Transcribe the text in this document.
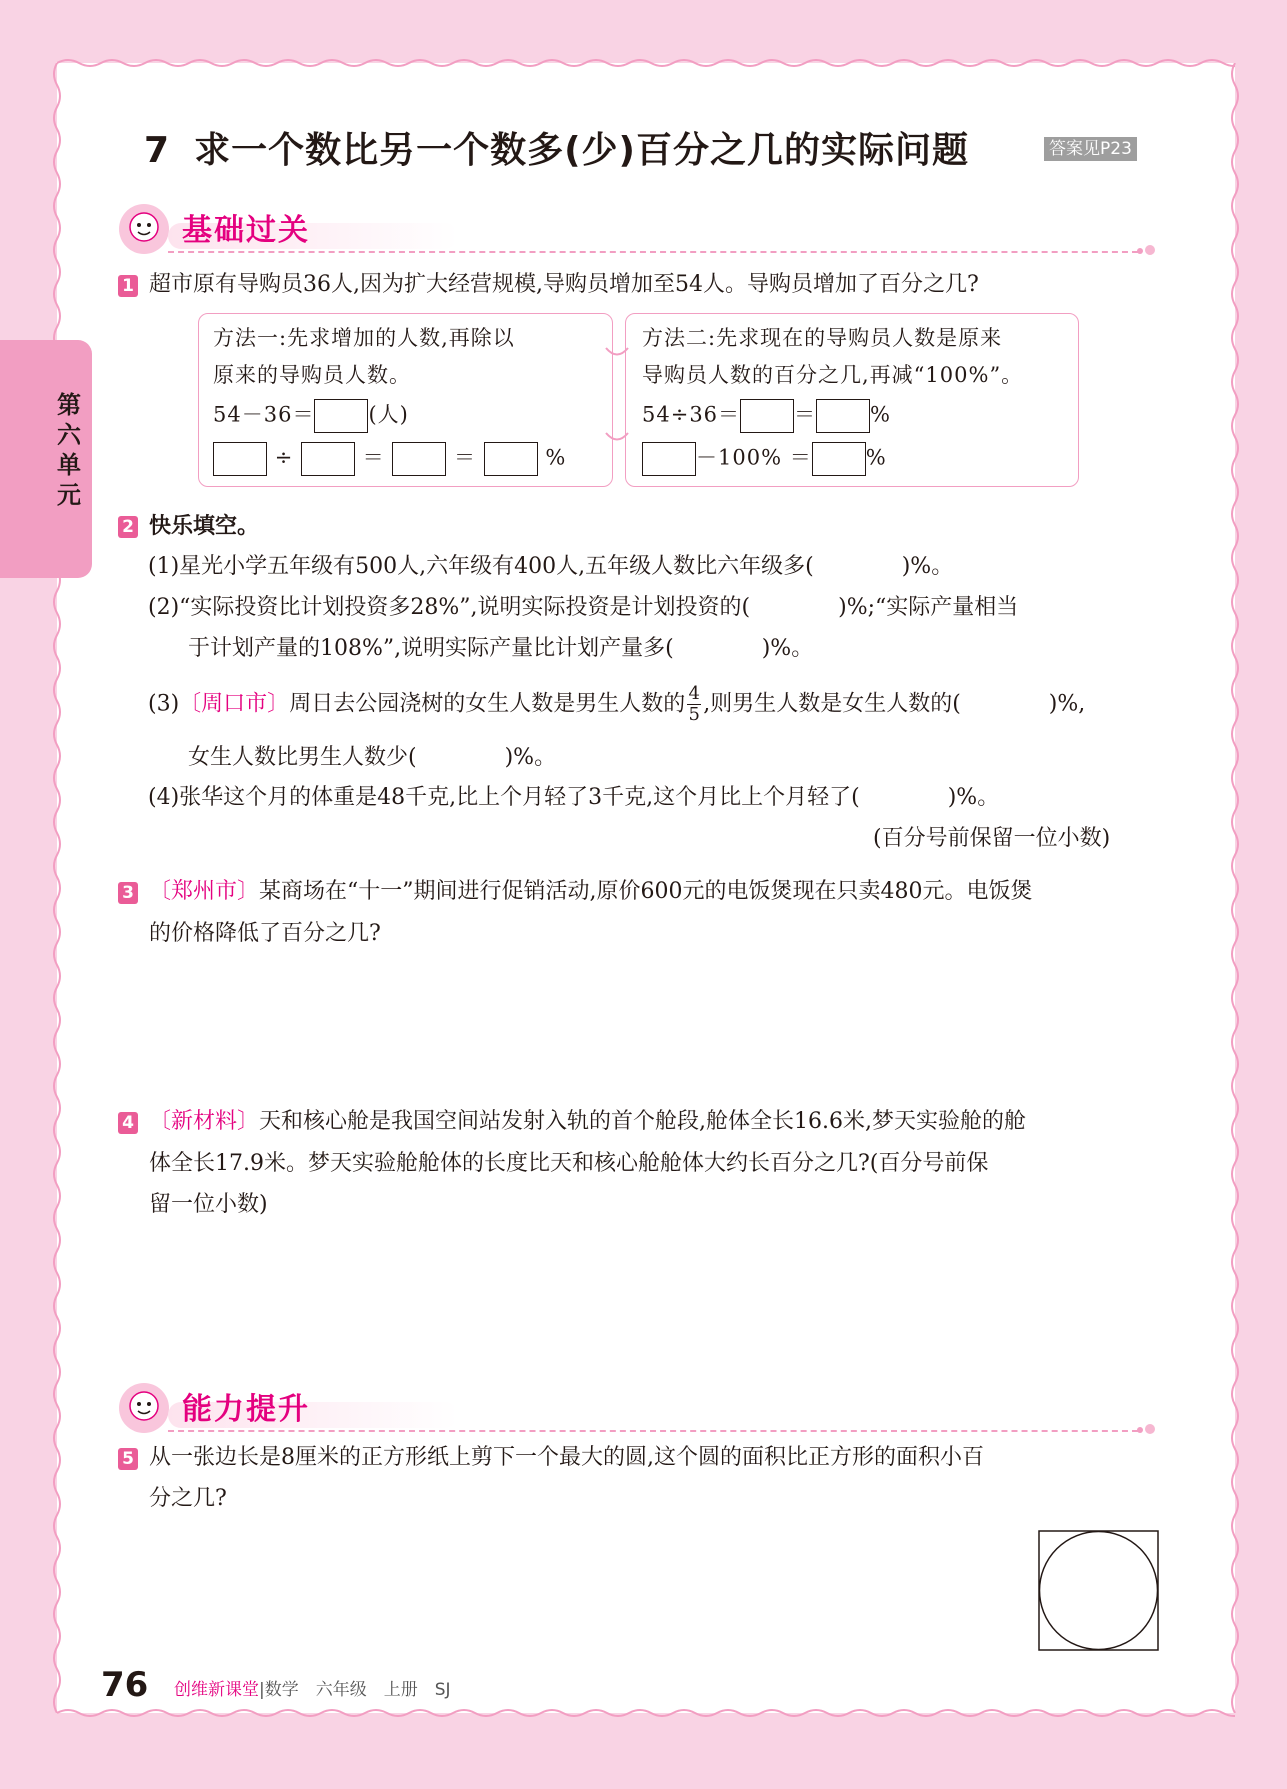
第六单元
7 求一个数比另一个数多(少)百分之几的实际问题	答案见P23
基础过关
1 超市原有导购员36人,因为扩大经营规模,导购员增加至54人。导购员增加了百分之几?
方法一:先求增加的人数,再除以
原来的导购员人数。
54－36＝	(人)
÷	＝	＝	%
方法二:先求现在的导购员人数是原来
导购员人数的百分之几,再减“100%”。
54÷36＝	＝	%
－100% ＝	%
2 快乐填空。
(1)星光小学五年级有500人,六年级有400人,五年级人数比六年级多(　　　　)%。
(2)“实际投资比计划投资多28%”,说明实际投资是计划投资的(　　　　)%;“实际产量相当
于计划产量的108%”,说明实际产量比计划产量多(　　　　)%。
(3)〔周口市〕周日去公园浇树的女生人数是男生人数的 $\frac{4}{5}$ ,则男生人数是女生人数的(　　　　)%,
女生人数比男生人数少(　　　　)%。
(4)张华这个月的体重是48千克,比上个月轻了3千克,这个月比上个月轻了(　　　　)%。
(百分号前保留一位小数)
3 〔郑州市〕某商场在“十一”期间进行促销活动,原价600元的电饭煲现在只卖480元。电饭煲
的价格降低了百分之几?
4 〔新材料〕天和核心舱是我国空间站发射入轨的首个舱段,舱体全长16.6米,梦天实验舱的舱
体全长17.9米。梦天实验舱舱体的长度比天和核心舱舱体大约长百分之几?(百分号前保
留一位小数)
能力提升
5 从一张边长是8厘米的正方形纸上剪下一个最大的圆,这个圆的面积比正方形的面积小百
分之几?
76 创维新课堂|数学　六年级　上册　SJ
